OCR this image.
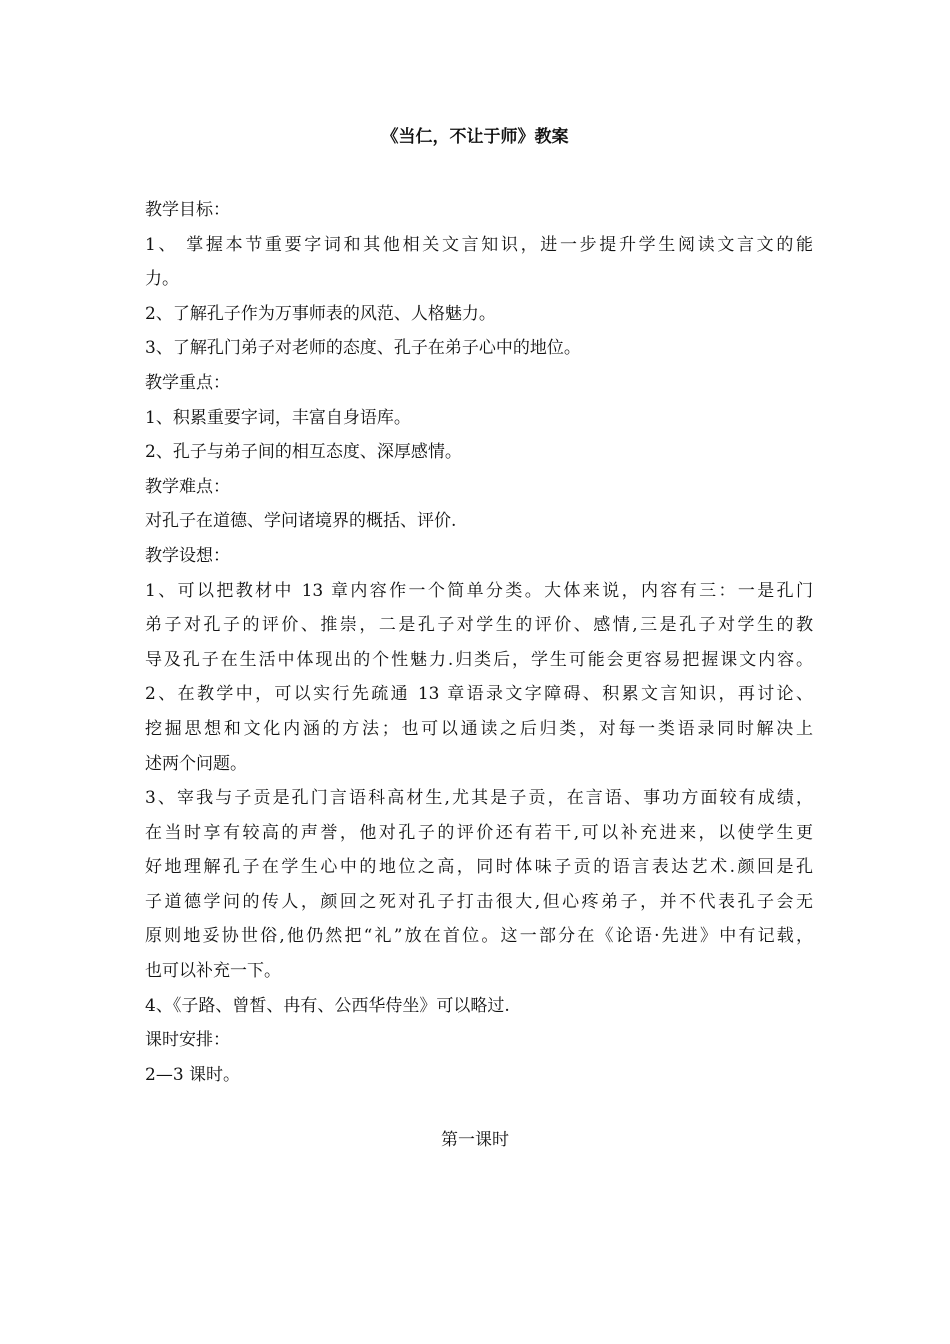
《当仁，不让于师》教案

教学目标：

1、 掌握本节重要字词和其他相关文言知识，进一步提升学生阅读文言文的能

力。

2、了解孔子作为万事师表的风范、人格魅力。

3、了解孔门弟子对老师的态度、孔子在弟子心中的地位。

教学重点：

1、积累重要字词，丰富自身语库。

2、孔子与弟子间的相互态度、深厚感情。

教学难点：

对孔子在道德、学问诸境界的概括、评价.

教学设想：

1、可以把教材中 13 章内容作一个简单分类。大体来说，内容有三：一是孔门

弟子对孔子的评价、推崇，二是孔子对学生的评价、感情,三是孔子对学生的教

导及孔子在生活中体现出的个性魅力.归类后，学生可能会更容易把握课文内容。

2、在教学中，可以实行先疏通 13 章语录文字障碍、积累文言知识，再讨论、

挖掘思想和文化内涵的方法；也可以通读之后归类，对每一类语录同时解决上

述两个问题。

3、宰我与子贡是孔门言语科高材生,尤其是子贡，在言语、事功方面较有成绩，

在当时享有较高的声誉，他对孔子的评价还有若干,可以补充进来，以使学生更

好地理解孔子在学生心中的地位之高，同时体味子贡的语言表达艺术.颜回是孔

子道德学问的传人，颜回之死对孔子打击很大,但心疼弟子，并不代表孔子会无

原则地妥协世俗,他仍然把“礼”放在首位。这一部分在《论语·先进》中有记载，

也可以补充一下。

4、《子路、曾皙、冉有、公西华侍坐》可以略过.

课时安排：

2—3 课时。

第一课时
